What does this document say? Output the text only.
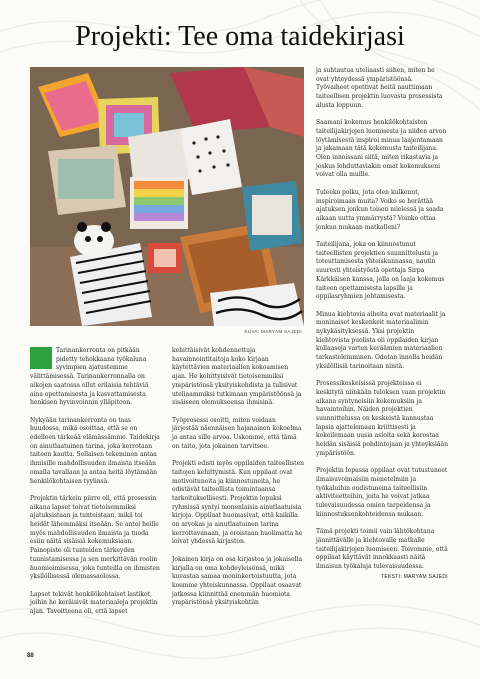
Projekti: Tee oma taidekirjasi
KUVA: MARYAM SAJEDI

Tarinankerronta on pitkään pidetty tehokkaana työkaluna syvimpien ajatustemme
välittämisessä. Tarinankerronnalla on aikojen saatossa ollut erilaisia tehtäviä aina opettamisesta ja kasvattamisesta henkisen hyvinvoinnin ylläpitoon.

Nykyään tarinankerronta on taas huudossa, mikä osoittaa, että se on edelleen tärkeää elämässämme. Taidekirja on ainutlaatuinen tarina, joka kerrotaan taiteen kautta. Sellaisen tekeminen antaa ihmisille mahdollisuuden ilmaista itseään omalla tavallaan ja antaa heitä löytämään henkilökohtaisen tyylinsä.

Projektin tärkein piirre oli, että prosessin aikana lapset toivat tietoisemmiksi ajatuksistaan ja tunteistaan, mikä toi heidät lähemmäksi itseään. Se antoi heille myös mahdollisuuden ilmaista ja tuoda esiin näitä sisäisiä kokemuksiaan. Painopiste oli tunteiden tärkeyden tunnistamisessa ja sen merkittävän roolin huomioimisessa, joka tunteilla on ihmisten yksilöllisessä olemassaolossa.

Lapset tekivät henkilökohtaiset lastikot, joihin he keräisivät materiaaleja projektin ajan. Tavoitteena oli, että lapset

kehittäisivät kohdennettuja havainnointitaitoja koko kirjaan käytettävien materiaalien kokoamisen ajan. He kehittyisivät tietoisemmiksi ympäristönsä yksityiskohdista ja tulisivat uteliaammiksi tutkimaan ympäristöönsä ja sisäiseen olemukseensa ihmisinä.

Työprosessi osoitti, miten voidaan järjestää näennäisen hajanainen kokoelma ja antaa sille arvoa. Uskomme, että tämä on taito, jota jokainen tarvitsee.

Projekti edisti myös oppilaiden taiteellisten taitojen kehittymistä. Kun oppilaat ovat motivoituneita ja kiinnostuneita, he edistävät taiteellista toimintaansa tarkoituksellisesti. Projektin lopuksi ryhmissä syntyi monenlaisia ainutlaatuisia kirjoja. Oppilaat huomasivat, että kaikilla on arvokas ja ainutlaatuinen tarina kerrottavanaan, ja eroistaan huolimatta he loivat yhdessä kirjaston.

Jokainen kirja on osa kirjastoa ja jokaisella kirjalla on oma kohdeyleisönsä, mikä kuvastaa samaa moninkertoistuutta, jota koemme yhteiskunnassa. Oppilaat osaavat jatkossa kiinnittää enemmän huomiota ympäristönsä yksityiskohtiin

ja suhtautua uteliaasti siihen, miten he ovat yhteydessä ympäristöönsä. Työvaiheet opettivat heitä nauttimaan taiteellisen projektin luovasta prosessista alusta loppuun.

Saamani kokemus henkilökohtaisten taiteilijakirjojen luomisesta ja niiden arvon löytämisestä inspiroi minua laajentamaan ja jakamaan tätä kokemusta taiteilijana. Olen innoissani siitä, miten rikastavia ja joskus lohduttaviakin omat kokemukseni voivat olla muille.

Tuleeko polku, jota olen kulkenut, inspiroimaan muita? Voiko se herättää ajatuksen jonkun toisen mielessä ja saada aikaan uutta ymmärrystä? Voinko ottaa jonkun mukaan matkalleni?

Taiteilijana, joka on kiinnostunut taiteellisten projektien suunnittelusta ja toteuttamisesta yhteiskunnassa, nautin suuresti yhteistyöstä opettaja Sirpa Kärkkäisen kanssa, jolla on laaja kokemus taiteen opettamisesta lapsille ja oppilasryhmien johtamisesta.

Minua kiehtovia aiheita ovat materiaalit ja moninaiset keskenkeit materiaalimin nykykäsityksessä. Yksi projektin kiehtovista puolista oli oppilaiden kirjan kollaaseja varten keräämien materiaalien tarkastelemminen. Odotan innolla heidän yksilöllisiä tarinoitaan niistä.

Prosessikeskeisissä projekteissa ei keskitytä niinkään tuloksen vaan projektin aikana syntyneisiin kokemuksiin ja havaintoihin. Näiden projektien suunnittelussa on keskeistä kannustaa lapsia ajattelemaan kriittisesti ja kokeilemaan uusia asioita sekä korostaa heidän sisäisiä pohdintojaan ja yhteyksiään ympäristöön.

Projektin lopussa oppilaat ovat tutustuneet ilmaisuvoimaisiin menetelmiin ja työkaluihin oudistuneina taiteellisiin aktiviteetteihin, joita he voivat jatkaa tulevaisuudessa omien tarpeidensa ja kiinnostuksenkohteidensa mukaan.

Tämä projekti toimii vain lähtökohtana jännittävälle ja kiehtovalle matkalle taiteilijakirjojen luomiseen. Toivomme, että oppilaat käyttävät innokkaasti näitä ilmaisun työkaluja tulevaisuudessa.

TEKSTI: MARYAM SAJEDI
88
